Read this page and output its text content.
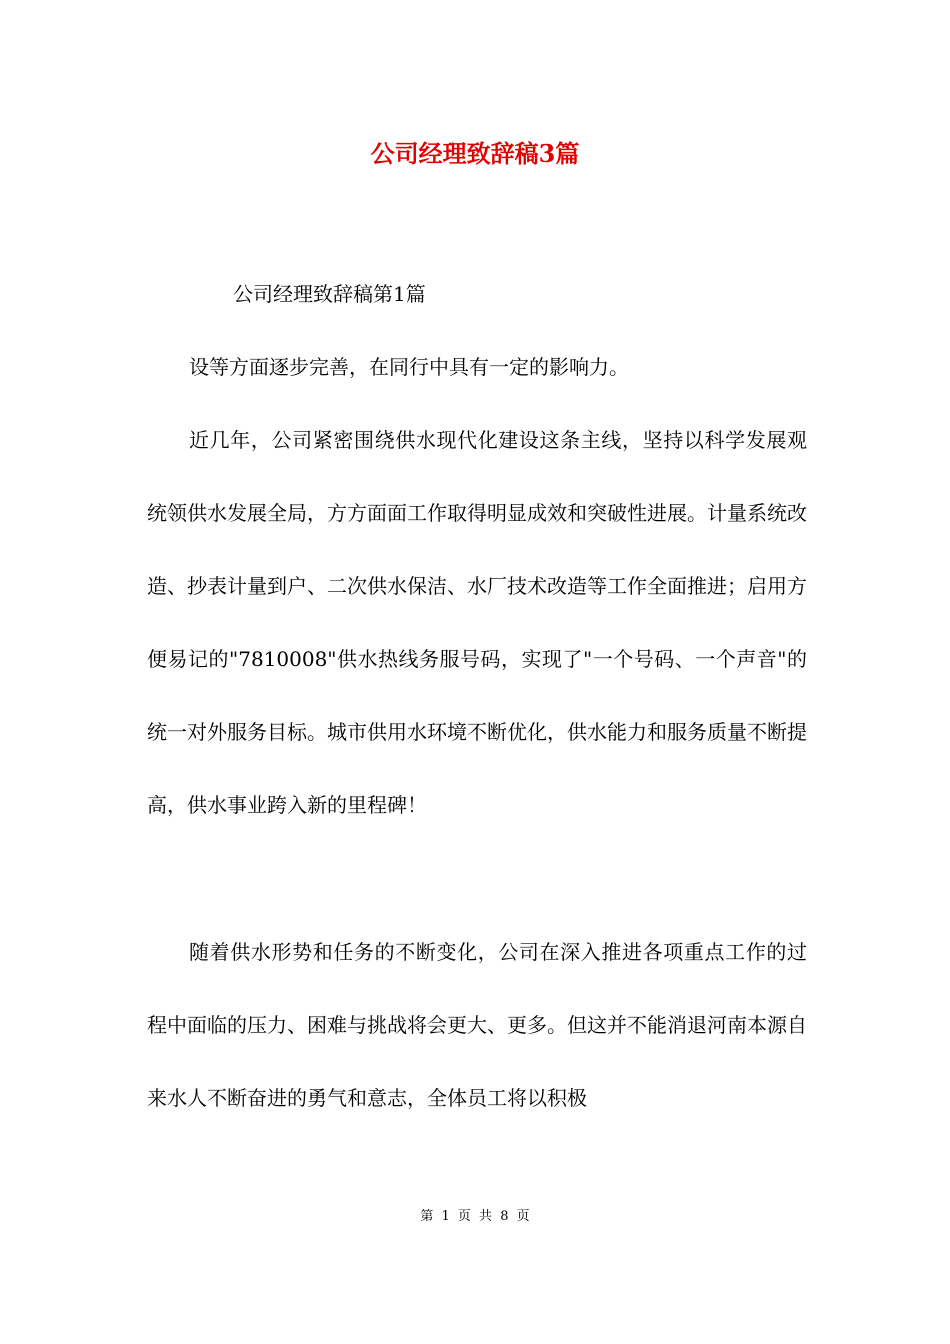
公司经理致辞稿3篇

公司经理致辞稿第1篇

设等方面逐步完善，在同行中具有一定的影响力。

近几年，公司紧密围绕供水现代化建设这条主线，坚持以科学发展观统领供水发展全局，方方面面工作取得明显成效和突破性进展。计量系统改造、抄表计量到户、二次供水保洁、水厂技术改造等工作全面推进；启用方便易记的"7810008"供水热线务服号码，实现了"一个号码、一个声音"的统一对外服务目标。城市供用水环境不断优化，供水能力和服务质量不断提高，供水事业跨入新的里程碑！

随着供水形势和任务的不断变化，公司在深入推进各项重点工作的过程中面临的压力、困难与挑战将会更大、更多。但这并不能消退河南本源自来水人不断奋进的勇气和意志，全体员工将以积极

第 1 页 共 8 页
